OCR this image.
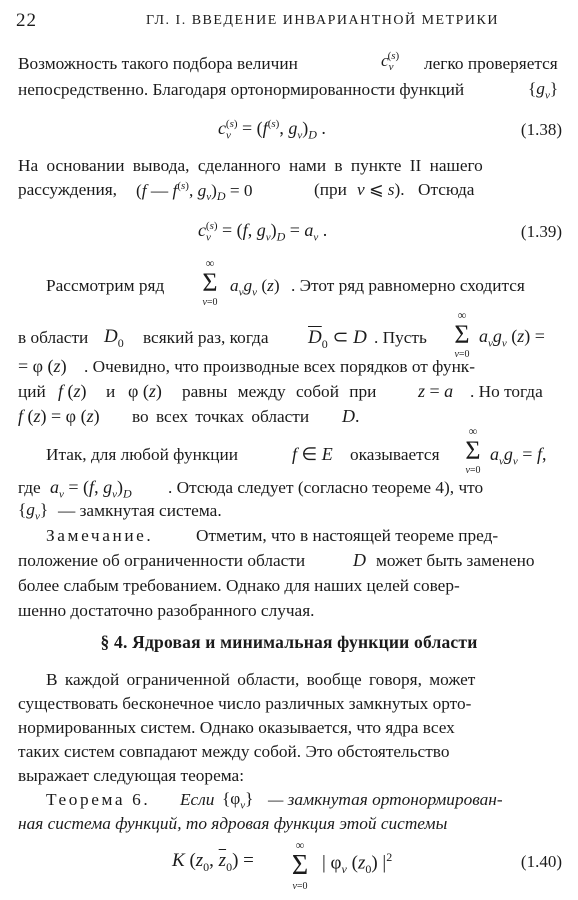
22	ГЛ. I. ВВЕДЕНИЕ ИНВАРИАНТНОЙ МЕТРИКИ
Возможность такого подбора величин	$c_\nu^{(s)}$ легко проверяется
непосредственно. Благодаря ортонормированности функций	$\{g_\nu\}$
$c_\nu^{(s)} = (f^{(s)}$, $g_\nu)_D$ .	(1.38)
На основании вывода, сделанного нами в пункте II нашего
рассуждения, (f — $f^{(s)}$, $g_\nu)_D = 0$	(при ν ⩽ s). Отсюда
$c_\nu^{(s)} = (f$, $g_\nu)_D = a_\nu$ .	(1.39)
Рассмотрим ряд
∞
Σ
ν=0
$a_\nu g_\nu$ (z) . Этот ряд равномерно сходится
в области $D_0$ всякий раз, когда $\overline{D}_0$ ⊂ D . Пусть
∞
Σ
ν=0
$a_\nu g_\nu$ (z) =
= φ (z) . Очевидно, что производные всех порядков от функ-
ций f (z) и φ (z) равны между собой при z = a . Но тогда
f (z) = φ (z) во всех точках области D.
Итак, для любой функции	f ∈ E оказывается
∞
Σ
ν=0
$a_\nu g_\nu = f$,
где $a_\nu = (f$, $g_\nu)_D$ . Отсюда следует (согласно теореме 4), что
$\{g_\nu\}$ — замкнутая система.
Замечание. Отметим, что в настоящей теореме пред-
положение об ограниченности области	D может быть заменено
более слабым требованием. Однако для наших целей совер-
шенно достаточно разобранного случая.
§ 4. Ядровая и минимальная функции области
В каждой ограниченной области, вообще говоря, может
существовать бесконечное число различных замкнутых орто-
нормированных систем. Однако оказывается, что ядра всех
таких систем совпадают между собой. Это обстоятельство
выражает следующая теорема:
Теорема 6. Если $\{\varphi_\nu\}$ — замкнутая ортонормирован-
ная система функций, то ядровая функция этой системы
K ($z_0$, $\overline{z}_0$) =
∞
Σ
ν=0
| $\varphi_\nu$ $(z_0)$ $|^2$	(1.40)
